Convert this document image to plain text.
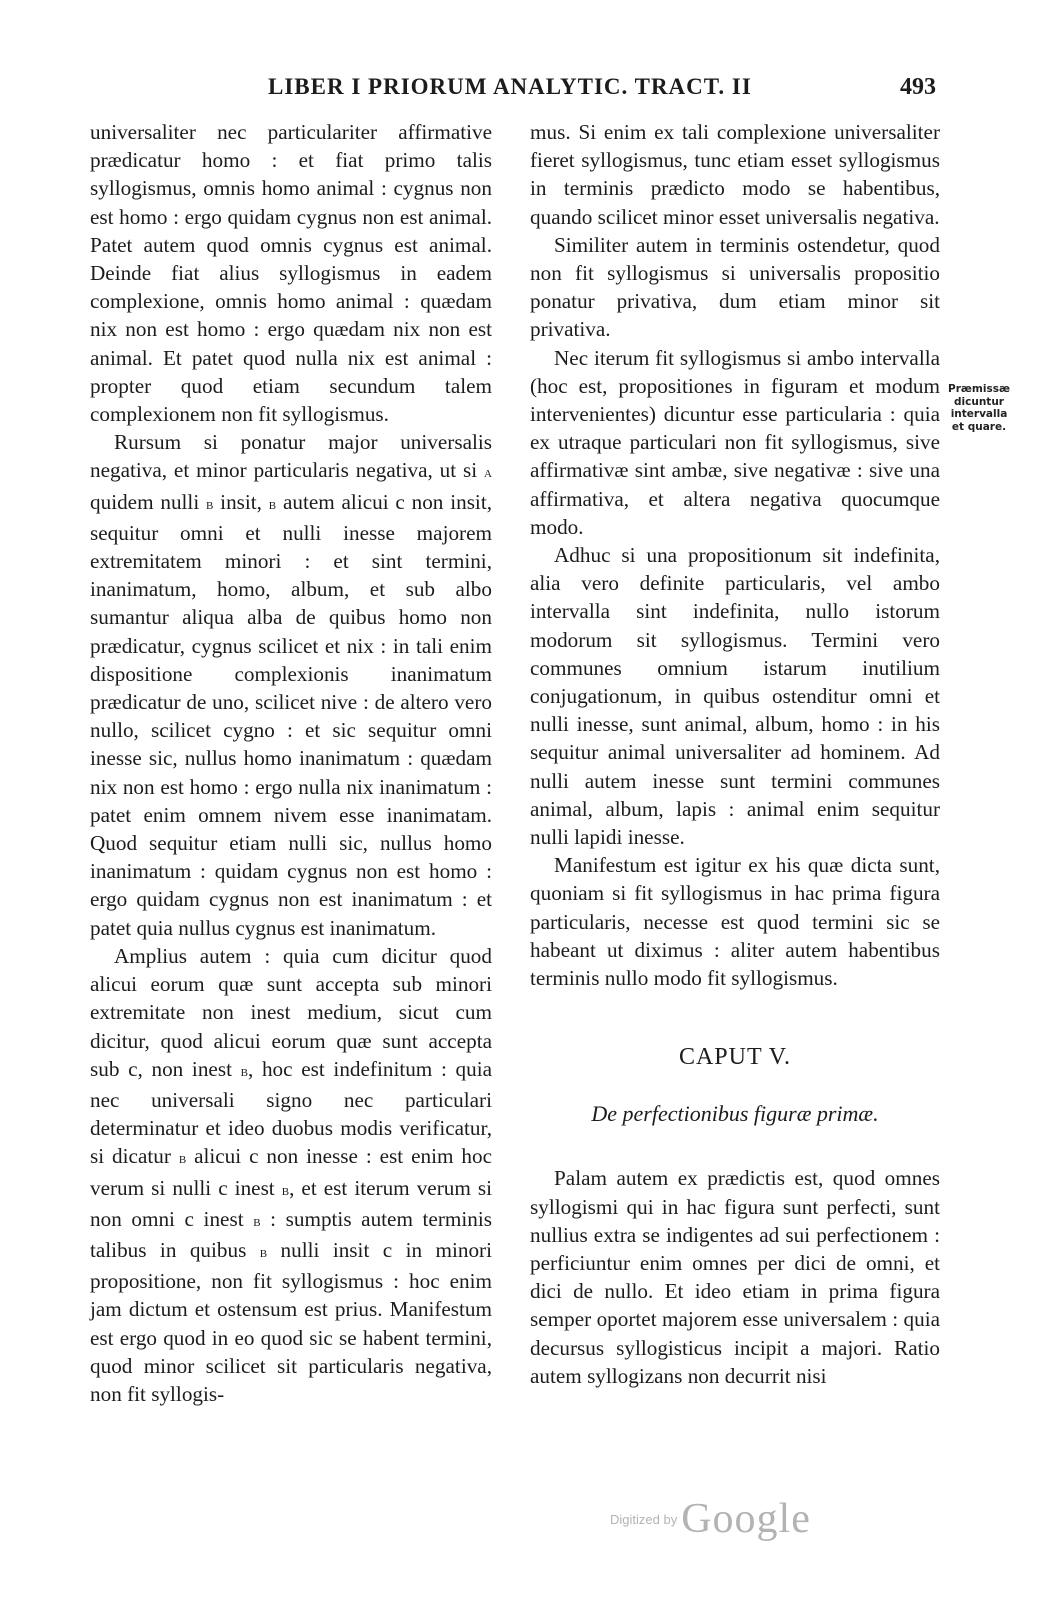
LIBER I PRIORUM ANALYTIC. TRACT. II	493

universaliter nec particulariter affirmative prædicatur homo : et fiat primo talis syllogismus, omnis homo animal : cygnus non est homo : ergo quidam cygnus non est animal. Patet autem quod omnis cygnus est animal. Deinde fiat alius syllogismus in eadem complexione, omnis homo animal : quædam nix non est homo : ergo quædam nix non est animal. Et patet quod nulla nix est animal : propter quod etiam secundum talem complexionem non fit syllogismus.

Rursum si ponatur major universalis negativa, et minor particularis negativa, ut si a quidem nulli b insit, b autem alicui c non insit, sequitur omni et nulli inesse majorem extremitatem minori : et sint termini, inanimatum, homo, album, et sub albo sumantur aliqua alba de quibus homo non prædicatur, cygnus scilicet et nix : in tali enim dispositione complexionis inanimatum prædicatur de uno, scilicet nive : de altero vero nullo, scilicet cygno : et sic sequitur omni inesse sic, nullus homo inanimatum : quædam nix non est homo : ergo nulla nix inanimatum : patet enim omnem nivem esse inanimatam. Quod sequitur etiam nulli sic, nullus homo inanimatum : quidam cygnus non est homo : ergo quidam cygnus non est inanimatum : et patet quia nullus cygnus est inanimatum.

Amplius autem : quia cum dicitur quod alicui eorum quæ sunt accepta sub minori extremitate non inest medium, sicut cum dicitur, quod alicui eorum quæ sunt accepta sub c, non inest b, hoc est indefinitum : quia nec universali signo nec particulari determinatur et ideo duobus modis verificatur, si dicatur b alicui c non inesse : est enim hoc verum si nulli c inest b, et est iterum verum si non omni c inest b : sumptis autem terminis talibus in quibus b nulli insit c in minori propositione, non fit syllogismus : hoc enim jam dictum et ostensum est prius. Manifestum est ergo quod in eo quod sic se habent termini, quod minor scilicet sit particularis negativa, non fit syllogis-

mus. Si enim ex tali complexione universaliter fieret syllogismus, tunc etiam esset syllogismus in terminis prædicto modo se habentibus, quando scilicet minor esset universalis negativa.

Similiter autem in terminis ostendetur, quod non fit syllogismus si universalis propositio ponatur privativa, dum etiam minor sit privativa.

Nec iterum fit syllogismus si ambo intervalla (hoc est, propositiones in figuram et modum intervenientes) dicuntur esse particularia : quia ex utraque particulari non fit syllogismus, sive affirmativæ sint ambæ, sive negativæ : sive una affirmativa, et altera negativa quocumque modo.

Adhuc si una propositionum sit indefinita, alia vero definite particularis, vel ambo intervalla sint indefinita, nullo istorum modorum sit syllogismus. Termini vero communes omnium istarum inutilium conjugationum, in quibus ostenditur omni et nulli inesse, sunt animal, album, homo : in his sequitur animal universaliter ad hominem. Ad nulli autem inesse sunt termini communes animal, album, lapis : animal enim sequitur nulli lapidi inesse.

Manifestum est igitur ex his quæ dicta sunt, quoniam si fit syllogismus in hac prima figura particularis, necesse est quod termini sic se habeant ut diximus : aliter autem habentibus terminis nullo modo fit syllogismus.

CAPUT V.
De perfectionibus figuræ primæ.

Palam autem ex prædictis est, quod omnes syllogismi qui in hac figura sunt perfecti, sunt nullius extra se indigentes ad sui perfectionem : perficiuntur enim omnes per dici de omni, et dici de nullo. Et ideo etiam in prima figura semper oportet majorem esse universalem : quia decursus syllogisticus incipit a majori. Ratio autem syllogizans non decurrit nisi

Præmissæ dicuntur intervalla et quare.
$^{Digitized by}$Google
